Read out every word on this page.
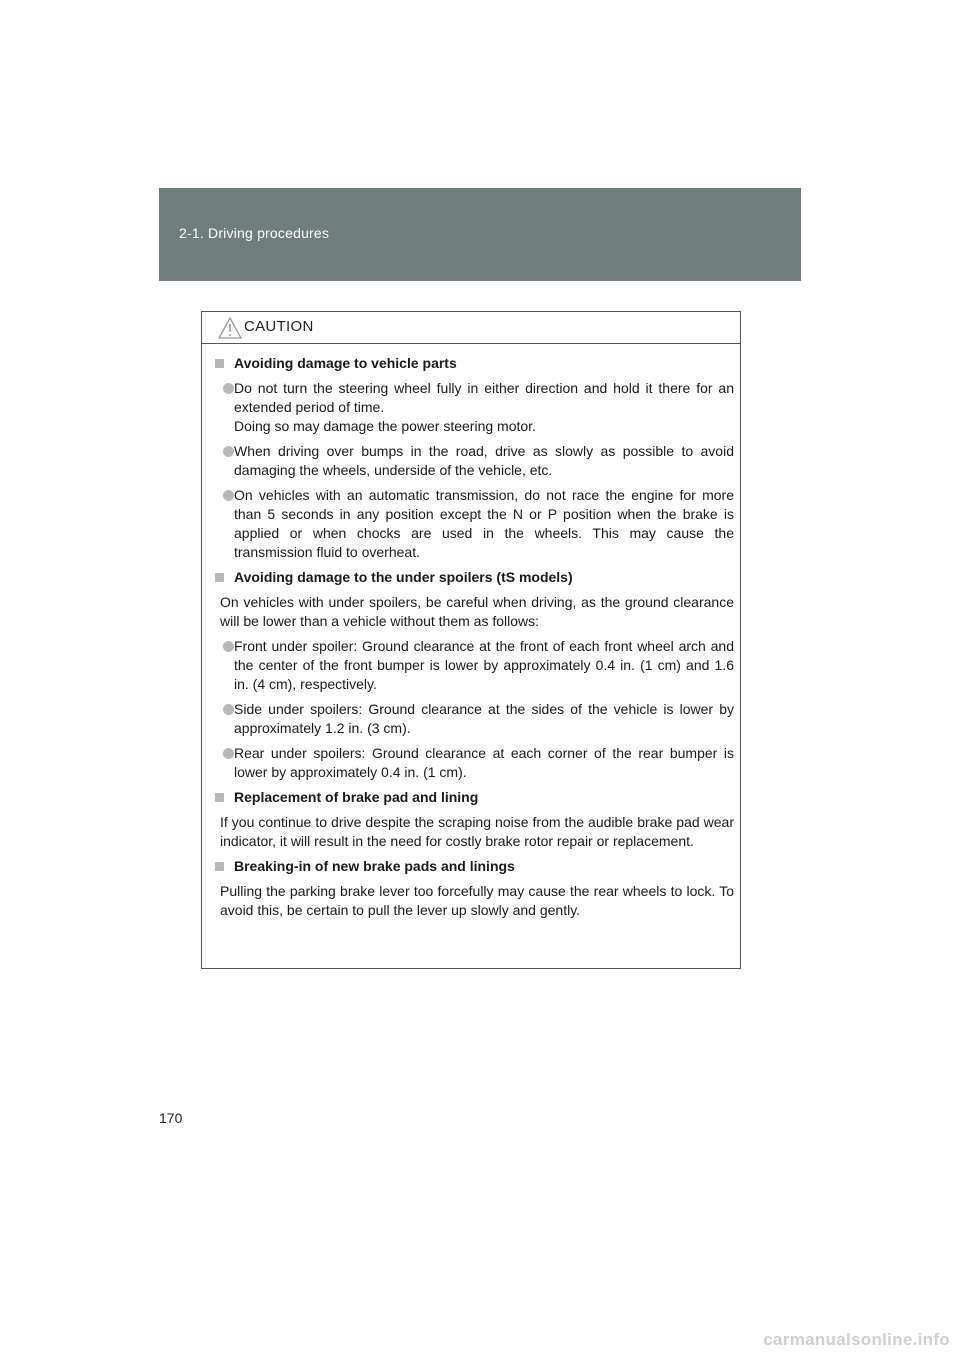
2-1. Driving procedures
CAUTION
Avoiding damage to vehicle parts
Do not turn the steering wheel fully in either direction and hold it there for an extended period of time.
Doing so may damage the power steering motor.
When driving over bumps in the road, drive as slowly as possible to avoid damaging the wheels, underside of the vehicle, etc.
On vehicles with an automatic transmission, do not race the engine for more than 5 seconds in any position except the N or P position when the brake is applied or when chocks are used in the wheels. This may cause the transmission fluid to overheat.
Avoiding damage to the under spoilers (tS models)
On vehicles with under spoilers, be careful when driving, as the ground clearance will be lower than a vehicle without them as follows:
Front under spoiler: Ground clearance at the front of each front wheel arch and the center of the front bumper is lower by approximately 0.4 in. (1 cm) and 1.6 in. (4 cm), respectively.
Side under spoilers: Ground clearance at the sides of the vehicle is lower by approximately 1.2 in. (3 cm).
Rear under spoilers: Ground clearance at each corner of the rear bumper is lower by approximately 0.4 in. (1 cm).
Replacement of brake pad and lining
If you continue to drive despite the scraping noise from the audible brake pad wear indicator, it will result in the need for costly brake rotor repair or replacement.
Breaking-in of new brake pads and linings
Pulling the parking brake lever too forcefully may cause the rear wheels to lock. To avoid this, be certain to pull the lever up slowly and gently.
170
carmanualsonline.info
